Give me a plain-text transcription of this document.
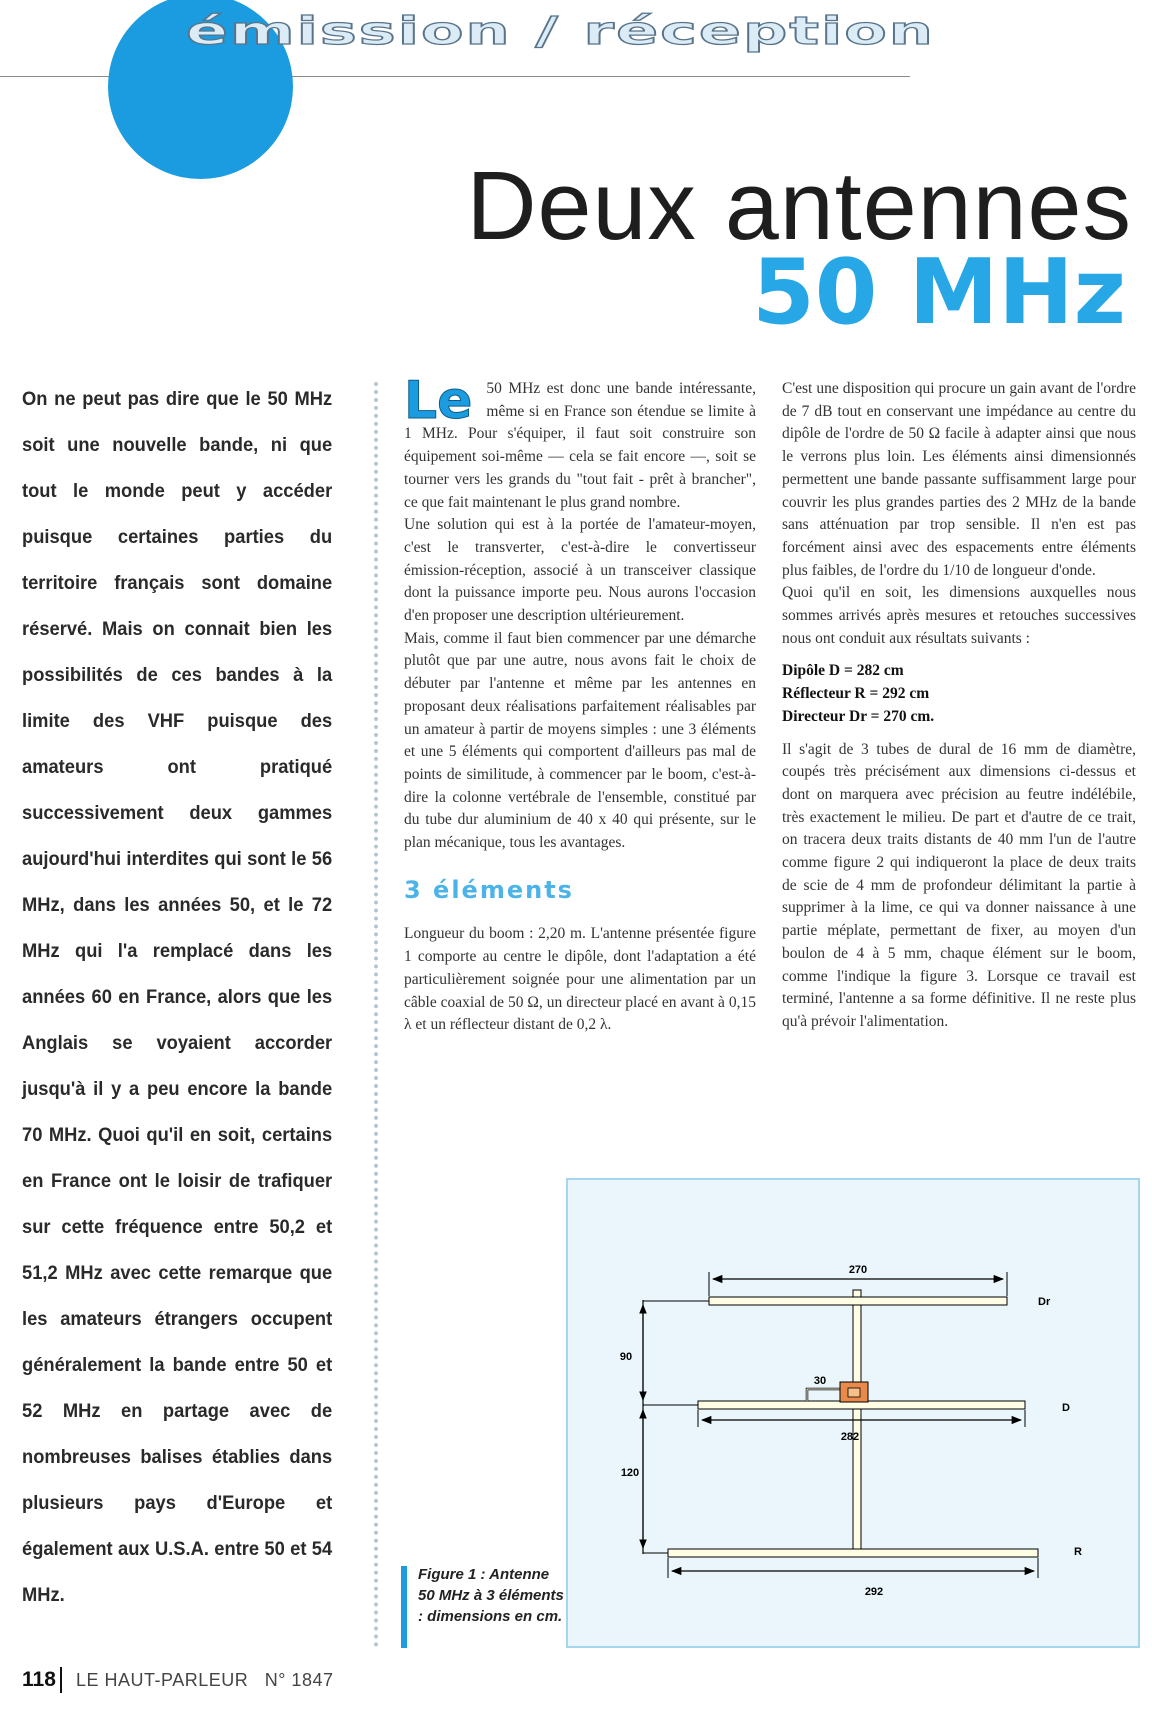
émission / réception
Deux antennes
50 MHz

On ne peut pas dire que le 50 MHz soit une nouvelle bande, ni que tout le monde peut y accéder puisque certaines parties du territoire français sont domaine réservé. Mais on connait bien les possibilités de ces bandes à la limite des VHF puisque des amateurs ont pratiqué successivement deux gammes aujourd'hui interdites qui sont le 56 MHz, dans les années 50, et le 72 MHz qui l'a remplacé dans les années 60 en France, alors que les Anglais se voyaient accorder jusqu'à il y a peu encore la bande 70 MHz. Quoi qu'il en soit, certains en France ont le loisir de trafiquer sur cette fréquence entre 50,2 et 51,2 MHz avec cette remarque que les amateurs étrangers occupent généralement la bande entre 50 et 52 MHz en partage avec de nombreuses balises établies dans plusieurs pays d'Europe et également aux U.S.A. entre 50 et 54 MHz.

Le 50 MHz est donc une bande intéressante, même si en France son étendue se limite à 1 MHz. Pour s'équiper, il faut soit construire son équipement soi-même — cela se fait encore —, soit se tourner vers les grands du "tout fait - prêt à brancher", ce que fait maintenant le plus grand nombre.

Une solution qui est à la portée de l'amateur-moyen, c'est le transverter, c'est-à-dire le convertisseur émission-réception, associé à un transceiver classique dont la puissance importe peu. Nous aurons l'occasion d'en proposer une description ultérieurement.

Mais, comme il faut bien commencer par une démarche plutôt que par une autre, nous avons fait le choix de débuter par l'antenne et même par les antennes en proposant deux réalisations parfaitement réalisables par un amateur à partir de moyens simples : une 3 éléments et une 5 éléments qui comportent d'ailleurs pas mal de points de similitude, à commencer par le boom, c'est-à-dire la colonne vertébrale de l'ensemble, constitué par du tube dur aluminium de 40 x 40 qui présente, sur le plan mécanique, tous les avantages.

3 éléments

Longueur du boom : 2,20 m. L'antenne présentée figure 1 comporte au centre le dipôle, dont l'adaptation a été particulièrement soignée pour une alimentation par un câble coaxial de 50 Ω, un directeur placé en avant à 0,15 λ et un réflecteur distant de 0,2 λ.

C'est une disposition qui procure un gain avant de l'ordre de 7 dB tout en conservant une impédance au centre du dipôle de l'ordre de 50 Ω facile à adapter ainsi que nous le verrons plus loin. Les éléments ainsi dimensionnés permettent une bande passante suffisamment large pour couvrir les plus grandes parties des 2 MHz de la bande sans atténuation par trop sensible. Il n'en est pas forcément ainsi avec des espacements entre éléments plus faibles, de l'ordre du 1/10 de longueur d'onde.

Quoi qu'il en soit, les dimensions auxquelles nous sommes arrivés après mesures et retouches successives nous ont conduit aux résultats suivants :

Dipôle D = 282 cm
Réflecteur R = 292 cm
Directeur Dr = 270 cm.

Il s'agit de 3 tubes de dural de 16 mm de diamètre, coupés très précisément aux dimensions ci-dessus et dont on marquera avec précision au feutre indélébile, très exactement le milieu. De part et d'autre de ce trait, on tracera deux traits distants de 40 mm l'un de l'autre comme figure 2 qui indiqueront la place de deux traits de scie de 4 mm de profondeur délimitant la partie à supprimer à la lime, ce qui va donner naissance à une partie méplate, permettant de fixer, au moyen d'un boulon de 4 à 5 mm, chaque élément sur le boom, comme l'indique la figure 3. Lorsque ce travail est terminé, l'antenne a sa forme définitive. Il ne reste plus qu'à prévoir l'alimentation.

90
120
30
270
282
292
Dr
D
R

Figure 1 : Antenne 50 MHz à 3 éléments : dimensions en cm.

118	LE HAUT-PARLEUR N° 1847
